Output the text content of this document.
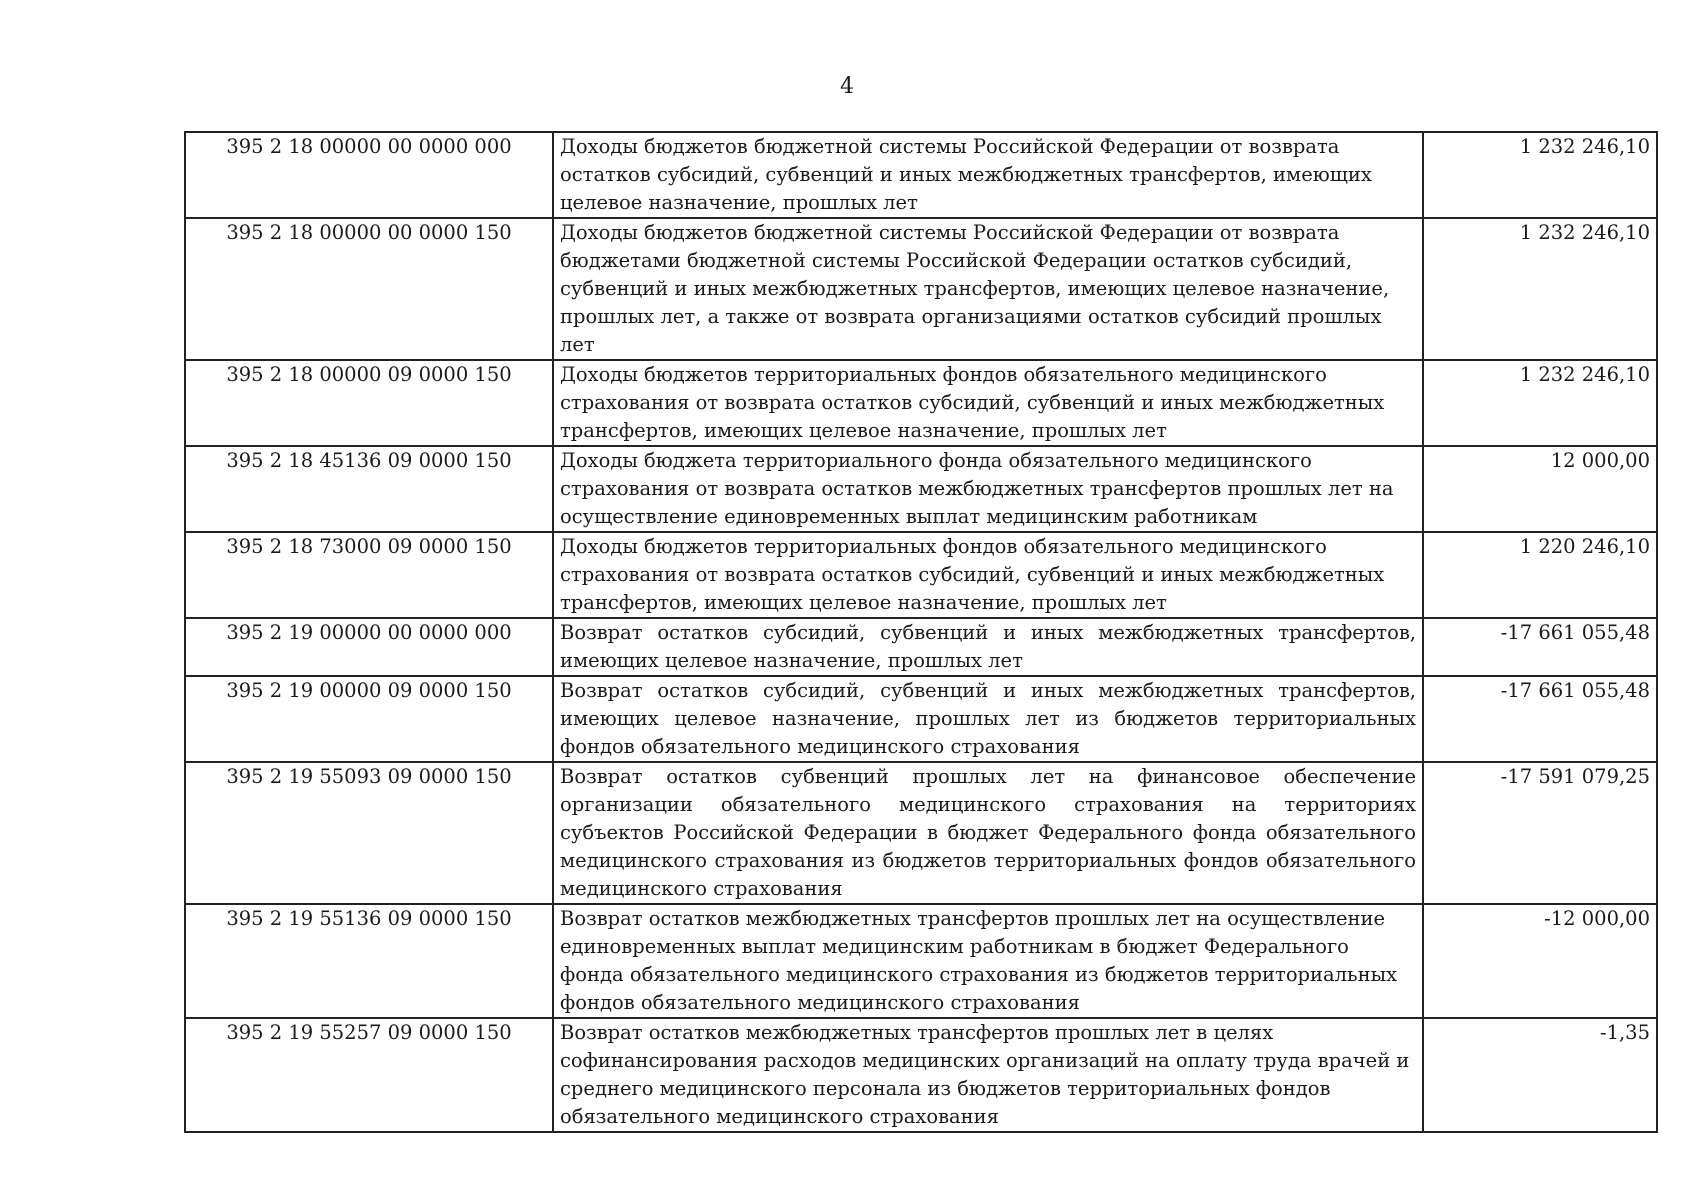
4
395 2 18 00000 00 0000 000	Доходы бюджетов бюджетной системы Российской Федерации от возврата остатков субсидий, субвенций и иных межбюджетных трансфертов, имеющих целевое назначение, прошлых лет	1 232 246,10
395 2 18 00000 00 0000 150	Доходы бюджетов бюджетной системы Российской Федерации от возврата бюджетами бюджетной системы Российской Федерации остатков субсидий, субвенций и иных межбюджетных трансфертов, имеющих целевое назначение, прошлых лет, а также от возврата организациями остатков субсидий прошлых лет	1 232 246,10
395 2 18 00000 09 0000 150	Доходы бюджетов территориальных фондов обязательного медицинского страхования от возврата остатков субсидий, субвенций и иных межбюджетных трансфертов, имеющих целевое назначение, прошлых лет	1 232 246,10
395 2 18 45136 09 0000 150	Доходы бюджета территориального фонда обязательного медицинского страхования от возврата остатков межбюджетных трансфертов прошлых лет на осуществление единовременных выплат медицинским работникам	12 000,00
395 2 18 73000 09 0000 150	Доходы бюджетов территориальных фондов обязательного медицинского страхования от возврата остатков субсидий, субвенций и иных межбюджетных трансфертов, имеющих целевое назначение, прошлых лет	1 220 246,10
395 2 19 00000 00 0000 000	Возврат остатков субсидий, субвенций и иных межбюджетных трансфертов, имеющих целевое назначение, прошлых лет	-17 661 055,48
395 2 19 00000 09 0000 150	Возврат остатков субсидий, субвенций и иных межбюджетных трансфертов, имеющих целевое назначение, прошлых лет из бюджетов территориальных фондов обязательного медицинского страхования	-17 661 055,48
395 2 19 55093 09 0000 150	Возврат остатков субвенций прошлых лет на финансовое обеспечение организации обязательного медицинского страхования на территориях субъектов Российской Федерации в бюджет Федерального фонда обязательного медицинского страхования из бюджетов территориальных фондов обязательного медицинского страхования	-17 591 079,25
395 2 19 55136 09 0000 150	Возврат остатков межбюджетных трансфертов прошлых лет на осуществление единовременных выплат медицинским работникам в бюджет Федерального фонда обязательного медицинского страхования из бюджетов территориальных фондов обязательного медицинского страхования	-12 000,00
395 2 19 55257 09 0000 150	Возврат остатков межбюджетных трансфертов прошлых лет в целях софинансирования расходов медицинских организаций на оплату труда врачей и среднего медицинского персонала из бюджетов территориальных фондов обязательного медицинского страхования	-1,35
